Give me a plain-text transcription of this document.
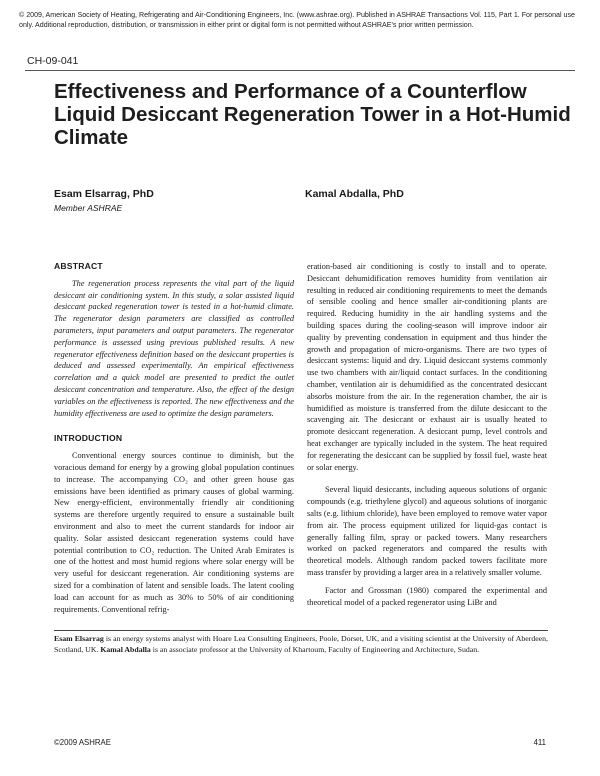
© 2009, American Society of Heating, Refrigerating and Air-Conditioning Engineers, Inc. (www.ashrae.org). Published in ASHRAE Transactions Vol. 115, Part 1. For personal use only. Additional reproduction, distribution, or transmission in either print or digital form is not permitted without ASHRAE's prior written permission.
CH-09-041
Effectiveness and Performance of a Counterflow Liquid Desiccant Regeneration Tower in a Hot-Humid Climate
Esam Elsarrag, PhD
Member ASHRAE
Kamal Abdalla, PhD
ABSTRACT

The regeneration process represents the vital part of the liquid desiccant air conditioning system. In this study, a solar assisted liquid desiccant packed regeneration tower is tested in a hot-humid climate. The regenerator design parameters are classified as controlled parameters, input parameters and output parameters. The regenerator performance is assessed using previous published results. A new regenerator effectiveness definition based on the desiccant properties is deduced and assessed experimentally. An empirical effectiveness correlation and a quick model are presented to predict the outlet desiccant concentration and temperature. Also, the effect of the design variables on the effectiveness is reported. The new effectiveness and the humidity effectiveness are used to optimize the design parameters.

INTRODUCTION

Conventional energy sources continue to diminish, but the voracious demand for energy by a growing global population continues to increase. The accompanying CO₂ and other green house gas emissions have been identified as primary causes of global warming. New energy-efficient, environmentally friendly air conditioning systems are therefore urgently required to ensure a sustainable built environment and also to meet the current standards for indoor air quality. Solar assisted desiccant regeneration systems could have potential contribution to CO₂ reduction. The United Arab Emirates is one of the hottest and most humid regions where solar energy will be very useful for desiccant regeneration. Air conditioning systems are sized for a combination of latent and sensible loads. The latent cooling load can account for as much as 30% to 50% of air conditioning requirements. Conventional refrig-

eration-based air conditioning is costly to install and to operate. Desiccant dehumidification removes humidity from ventilation air resulting in reduced air conditioning requirements to meet the demands of sensible cooling and hence smaller air-conditioning plants are required. Reducing humidity in the air handling systems and the building spaces during the cooling-season will improve indoor air quality by preventing condensation in equipment and thus hinder the growth and propagation of micro-organisms. There are two types of desiccant systems: liquid and dry. Liquid desiccant systems commonly use two chambers with air/liquid contact surfaces. In the conditioning chamber, ventilation air is dehumidified as the concentrated desiccant absorbs moisture from the air. In the regeneration chamber, the air is humidified as moisture is transferred from the dilute desiccant to the scavenging air. The desiccant or exhaust air is usually heated to promote desiccant regeneration. A desiccant pump, level controls and heat exchanger are typically included in the system. The heat required for regenerating the desiccant can be supplied by fossil fuel, waste heat or solar energy.

Several liquid desiccants, including aqueous solutions of organic compounds (e.g. triethylene glycol) and aqueous solutions of inorganic salts (e.g. lithium chloride), have been employed to remove water vapor from air. The process equipment utilized for liquid-gas contact is generally falling film, spray or packed towers. Many researchers worked on packed regenerators and compared the results with theoretical models. Although random packed towers facilitate more mass transfer by providing a larger area in a relatively smaller volume.

Factor and Grossman (1980) compared the experimental and theoretical model of a packed regenerator using LiBr and

Esam Elsarrag is an energy systems analyst with Hoare Lea Consulting Engineers, Poole, Dorset, UK, and a visiting scientist at the University of Aberdeen, Scotland, UK. Kamal Abdalla is an associate professor at the University of Khartoum, Faculty of Engineering and Architecture, Sudan.
©2009 ASHRAE	411
